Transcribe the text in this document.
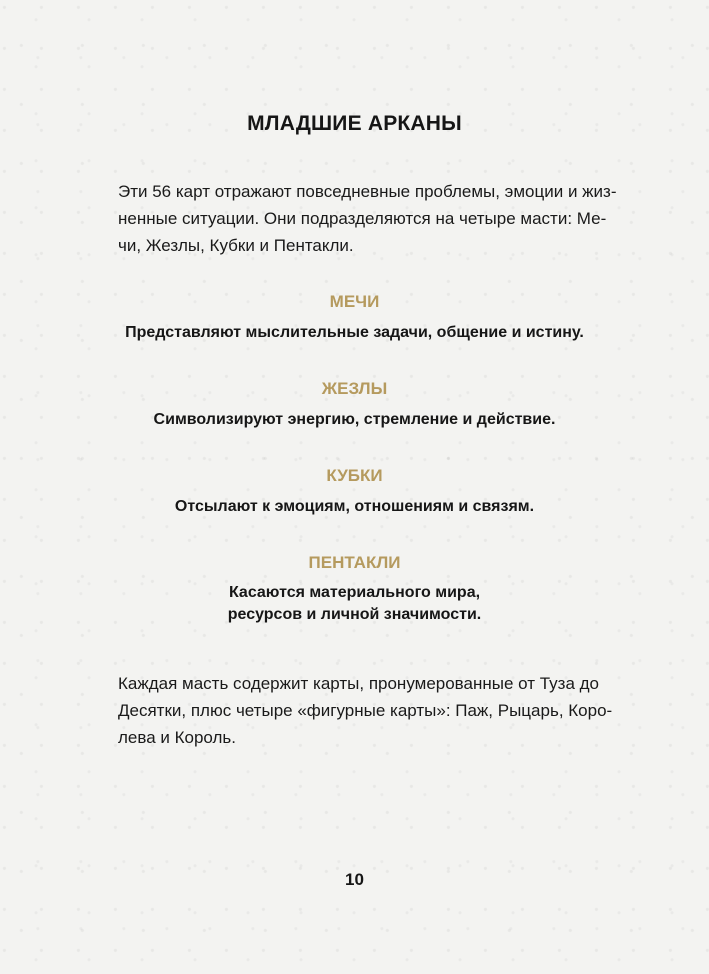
МЛАДШИЕ АРКАНЫ

Эти 56 карт отражают повседневные проблемы, эмоции и жиз-
ненные ситуации. Они подразделяются на четыре масти: Ме-
чи, Жезлы, Кубки и Пентакли.

МЕЧИ
Представляют мыслительные задачи, общение и истину.
ЖЕЗЛЫ
Символизируют энергию, стремление и действие.
КУБКИ
Отсылают к эмоциям, отношениям и связям.
ПЕНТАКЛИ
Касаются материального мира,
ресурсов и личной значимости.

Каждая масть содержит карты, пронумерованные от Туза до
Десятки, плюс четыре «фигурные карты»: Паж, Рыцарь, Коро-
лева и Король.

10
